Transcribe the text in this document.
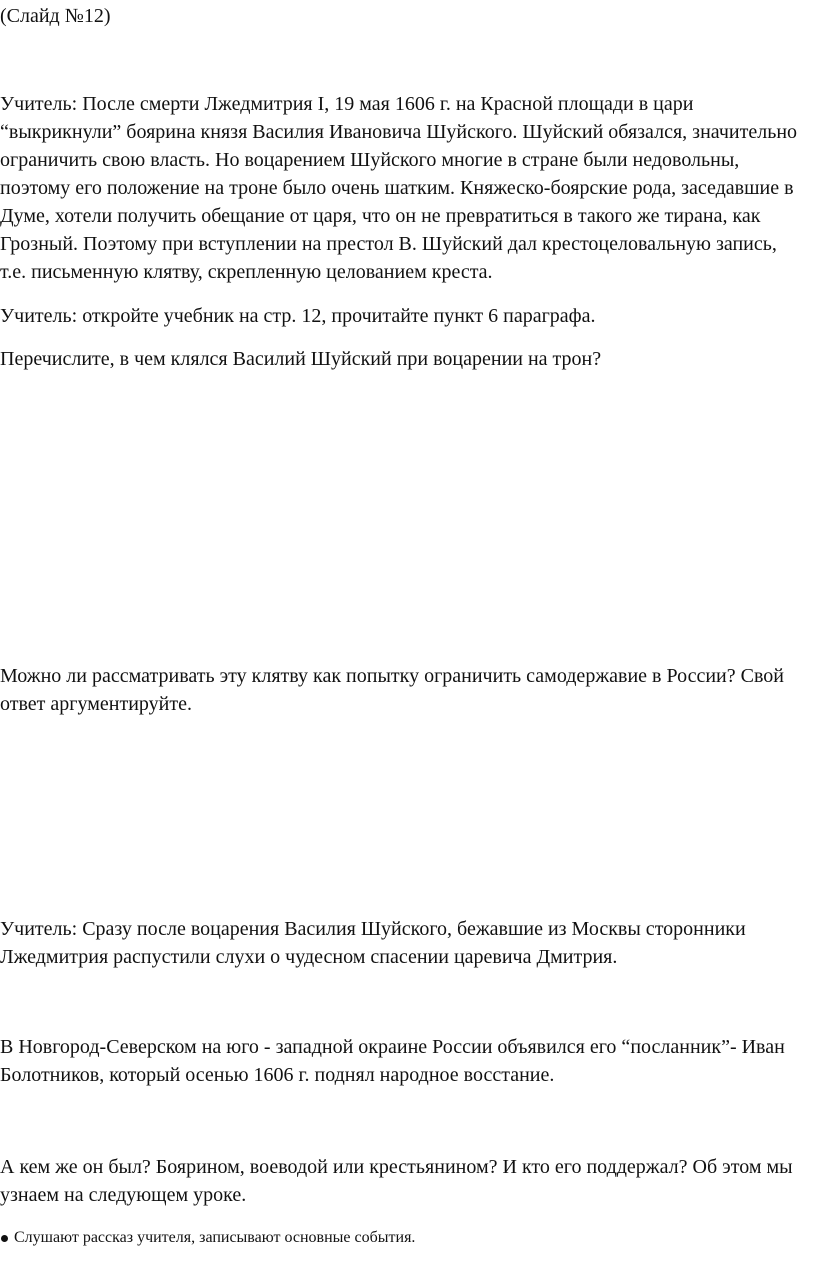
(Слайд №12)

Учитель: После смерти Лжедмитрия I, 19 мая 1606 г. на Красной площади в цари “выкрикнули” боярина князя Василия Ивановича Шуйского. Шуйский обязался, значительно ограничить свою власть. Но воцарением Шуйского многие в стране были недовольны, поэтому его положение на троне было очень шатким. Княжеско-боярские рода, заседавшие в Думе, хотели получить обещание от царя, что он не превратиться в такого же тирана, как Грозный. Поэтому при вступлении на престол В. Шуйский дал крестоцеловальную запись, т.е. письменную клятву, скрепленную целованием креста.

Учитель: откройте учебник на стр. 12, прочитайте пункт 6 параграфа.

Перечислите, в чем клялся Василий Шуйский при воцарении на трон?

Можно ли рассматривать эту клятву как попытку ограничить самодержавие в России? Свой ответ аргументируйте.

Учитель: Сразу после воцарения Василия Шуйского, бежавшие из Москвы сторонники Лжедмитрия распустили слухи о чудесном спасении царевича Дмитрия.

В Новгород-Северском на юго - западной окраине России объявился его “посланник”- Иван Болотников, который осенью 1606 г. поднял народное восстание.

А кем же он был? Боярином, воеводой или крестьянином? И кто его поддержал? Об этом мы узнаем на следующем уроке.

Слушают рассказ учителя, записывают основные события.
